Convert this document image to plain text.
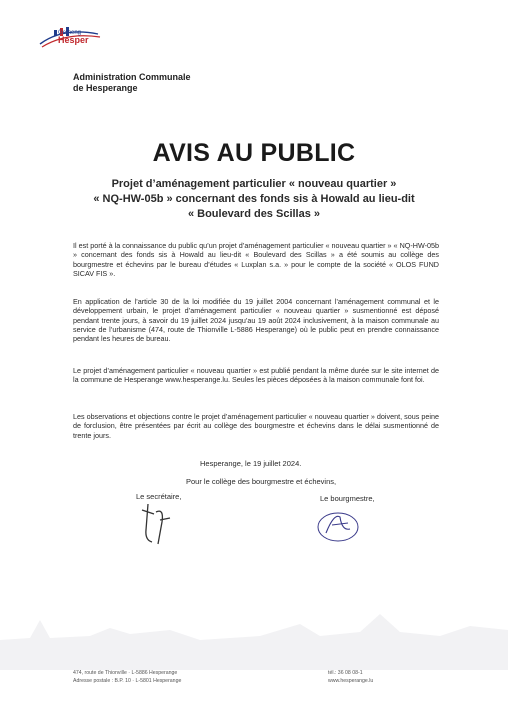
Gemeng
Hesper
Administration Communale
de Hesperange
AVIS AU PUBLIC
Projet d’aménagement particulier « nouveau quartier »
« NQ-HW-05b » concernant des fonds sis à Howald au lieu-dit
« Boulevard des Scillas »
Il est porté à la connaissance du public qu’un projet d’aménagement particulier « nouveau quartier » « NQ-HW-05b » concernant des fonds sis à Howald au lieu-dit « Boulevard des Scillas » a été soumis au collège des bourgmestre et échevins par le bureau d’études « Luxplan s.a. » pour le compte de la société « OLOS FUND SICAV FIS ».
En application de l’article 30 de la loi modifiée du 19 juillet 2004 concernant l’aménagement communal et le développement urbain, le projet d’aménagement particulier « nouveau quartier » susmentionné est déposé pendant trente jours, à savoir du 19 juillet 2024 jusqu’au 19 août 2024 inclusivement, à la maison communale au service de l’urbanisme (474, route de Thionville L-5886 Hesperange) où le public peut en prendre connaissance pendant les heures de bureau.
Le projet d’aménagement particulier « nouveau quartier » est publié pendant la même durée sur le site internet de la commune de Hesperange www.hesperange.lu. Seules les pièces déposées à la maison communale font foi.
Les observations et objections contre le projet d’aménagement particulier « nouveau quartier » doivent, sous peine de forclusion, être présentées par écrit au collège des bourgmestre et échevins dans le délai susmentionné de trente jours.
Hesperange, le 19 juillet 2024.
Pour le collège des bourgmestre et échevins,
Le secrétaire,	Le bourgmestre,
474, route de Thionville · L-5886 Hesperange
Adresse postale : B.P. 10 · L-5801 Hesperange
tél.: 36 08 08-1
www.hesperange.lu
